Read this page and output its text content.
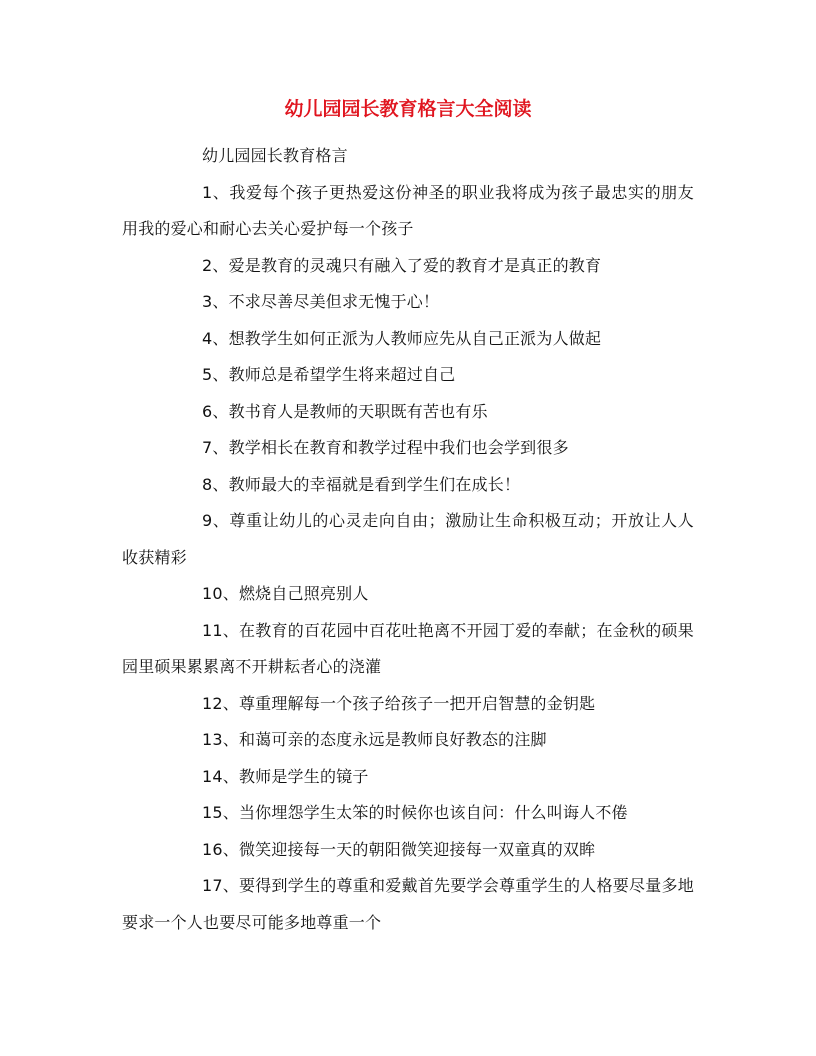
幼儿园园长教育格言大全阅读

幼儿园园长教育格言

1、我爱每个孩子更热爱这份神圣的职业我将成为孩子最忠实的朋友用我的爱心和耐心去关心爱护每一个孩子

2、爱是教育的灵魂只有融入了爱的教育才是真正的教育

3、不求尽善尽美但求无愧于心！

4、想教学生如何正派为人教师应先从自己正派为人做起

5、教师总是希望学生将来超过自己

6、教书育人是教师的天职既有苦也有乐

7、教学相长在教育和教学过程中我们也会学到很多

8、教师最大的幸福就是看到学生们在成长！

9、尊重让幼儿的心灵走向自由；激励让生命积极互动；开放让人人收获精彩

10、燃烧自己照亮别人

11、在教育的百花园中百花吐艳离不开园丁爱的奉献；在金秋的硕果园里硕果累累离不开耕耘者心的浇灌

12、尊重理解每一个孩子给孩子一把开启智慧的金钥匙

13、和蔼可亲的态度永远是教师良好教态的注脚

14、教师是学生的镜子

15、当你埋怨学生太笨的时候你也该自问：什么叫诲人不倦

16、微笑迎接每一天的朝阳微笑迎接每一双童真的双眸

17、要得到学生的尊重和爱戴首先要学会尊重学生的人格要尽量多地要求一个人也要尽可能多地尊重一个
